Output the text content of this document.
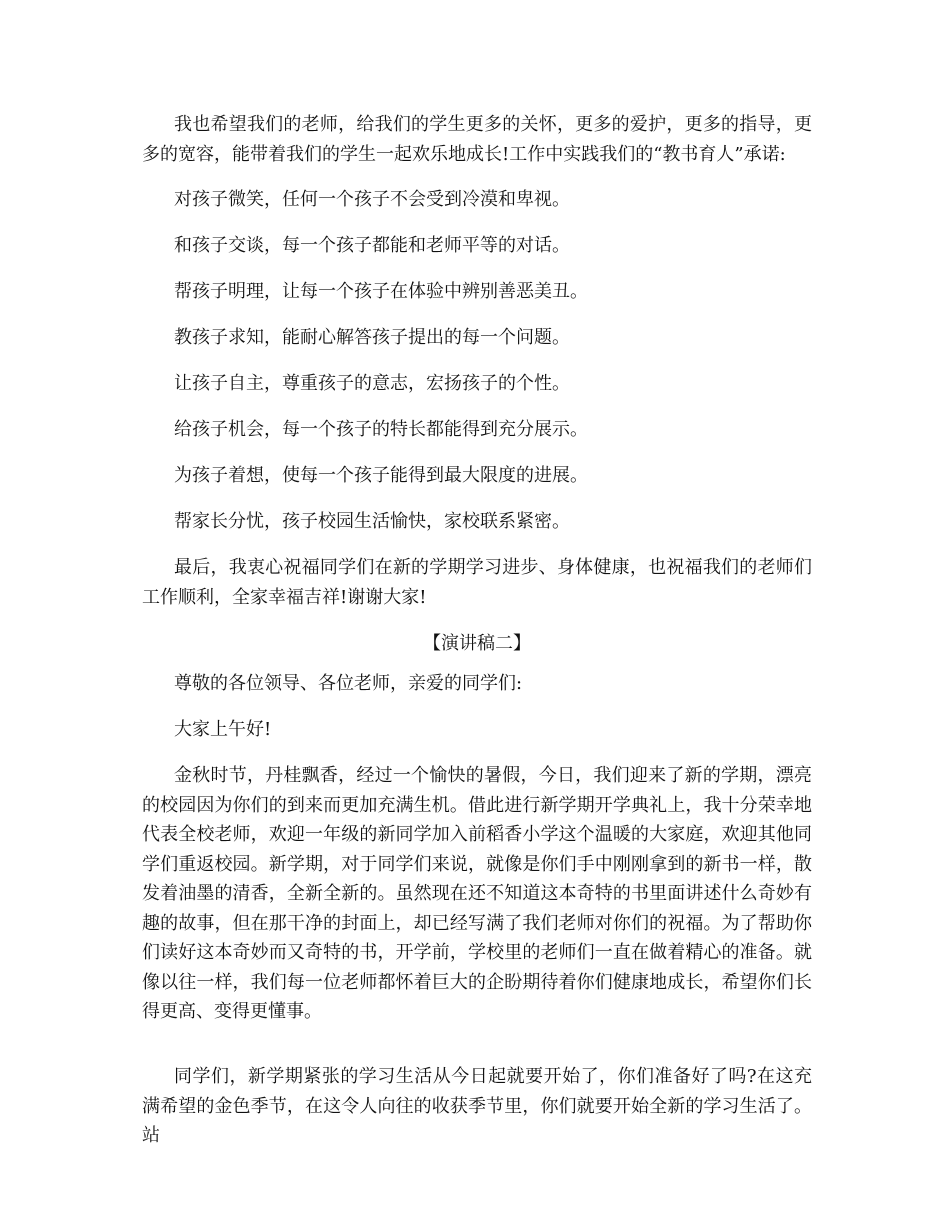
我也希望我们的老师，给我们的学生更多的关怀，更多的爱护，更多的指导，更多的宽容，能带着我们的学生一起欢乐地成长!工作中实践我们的“教书育人”承诺:

对孩子微笑，任何一个孩子不会受到冷漠和卑视。

和孩子交谈，每一个孩子都能和老师平等的对话。

帮孩子明理，让每一个孩子在体验中辨别善恶美丑。

教孩子求知，能耐心解答孩子提出的每一个问题。

让孩子自主，尊重孩子的意志，宏扬孩子的个性。

给孩子机会，每一个孩子的特长都能得到充分展示。

为孩子着想，使每一个孩子能得到最大限度的进展。

帮家长分忧，孩子校园生活愉快，家校联系紧密。

最后，我衷心祝福同学们在新的学期学习进步、身体健康，也祝福我们的老师们工作顺利，全家幸福吉祥!谢谢大家!

【演讲稿二】

尊敬的各位领导、各位老师，亲爱的同学们:

大家上午好!

金秋时节，丹桂飘香，经过一个愉快的暑假，今日，我们迎来了新的学期，漂亮的校园因为你们的到来而更加充满生机。借此进行新学期开学典礼上，我十分荣幸地代表全校老师，欢迎一年级的新同学加入前稻香小学这个温暖的大家庭，欢迎其他同学们重返校园。新学期，对于同学们来说，就像是你们手中刚刚拿到的新书一样，散发着油墨的清香，全新全新的。虽然现在还不知道这本奇特的书里面讲述什么奇妙有趣的故事，但在那干净的封面上，却已经写满了我们老师对你们的祝福。为了帮助你们读好这本奇妙而又奇特的书，开学前，学校里的老师们一直在做着精心的准备。就像以往一样，我们每一位老师都怀着巨大的企盼期待着你们健康地成长，希望你们长得更高、变得更懂事。

同学们，新学期紧张的学习生活从今日起就要开始了，你们准备好了吗?在这充满希望的金色季节，在这令人向往的收获季节里，你们就要开始全新的学习生活了。站
